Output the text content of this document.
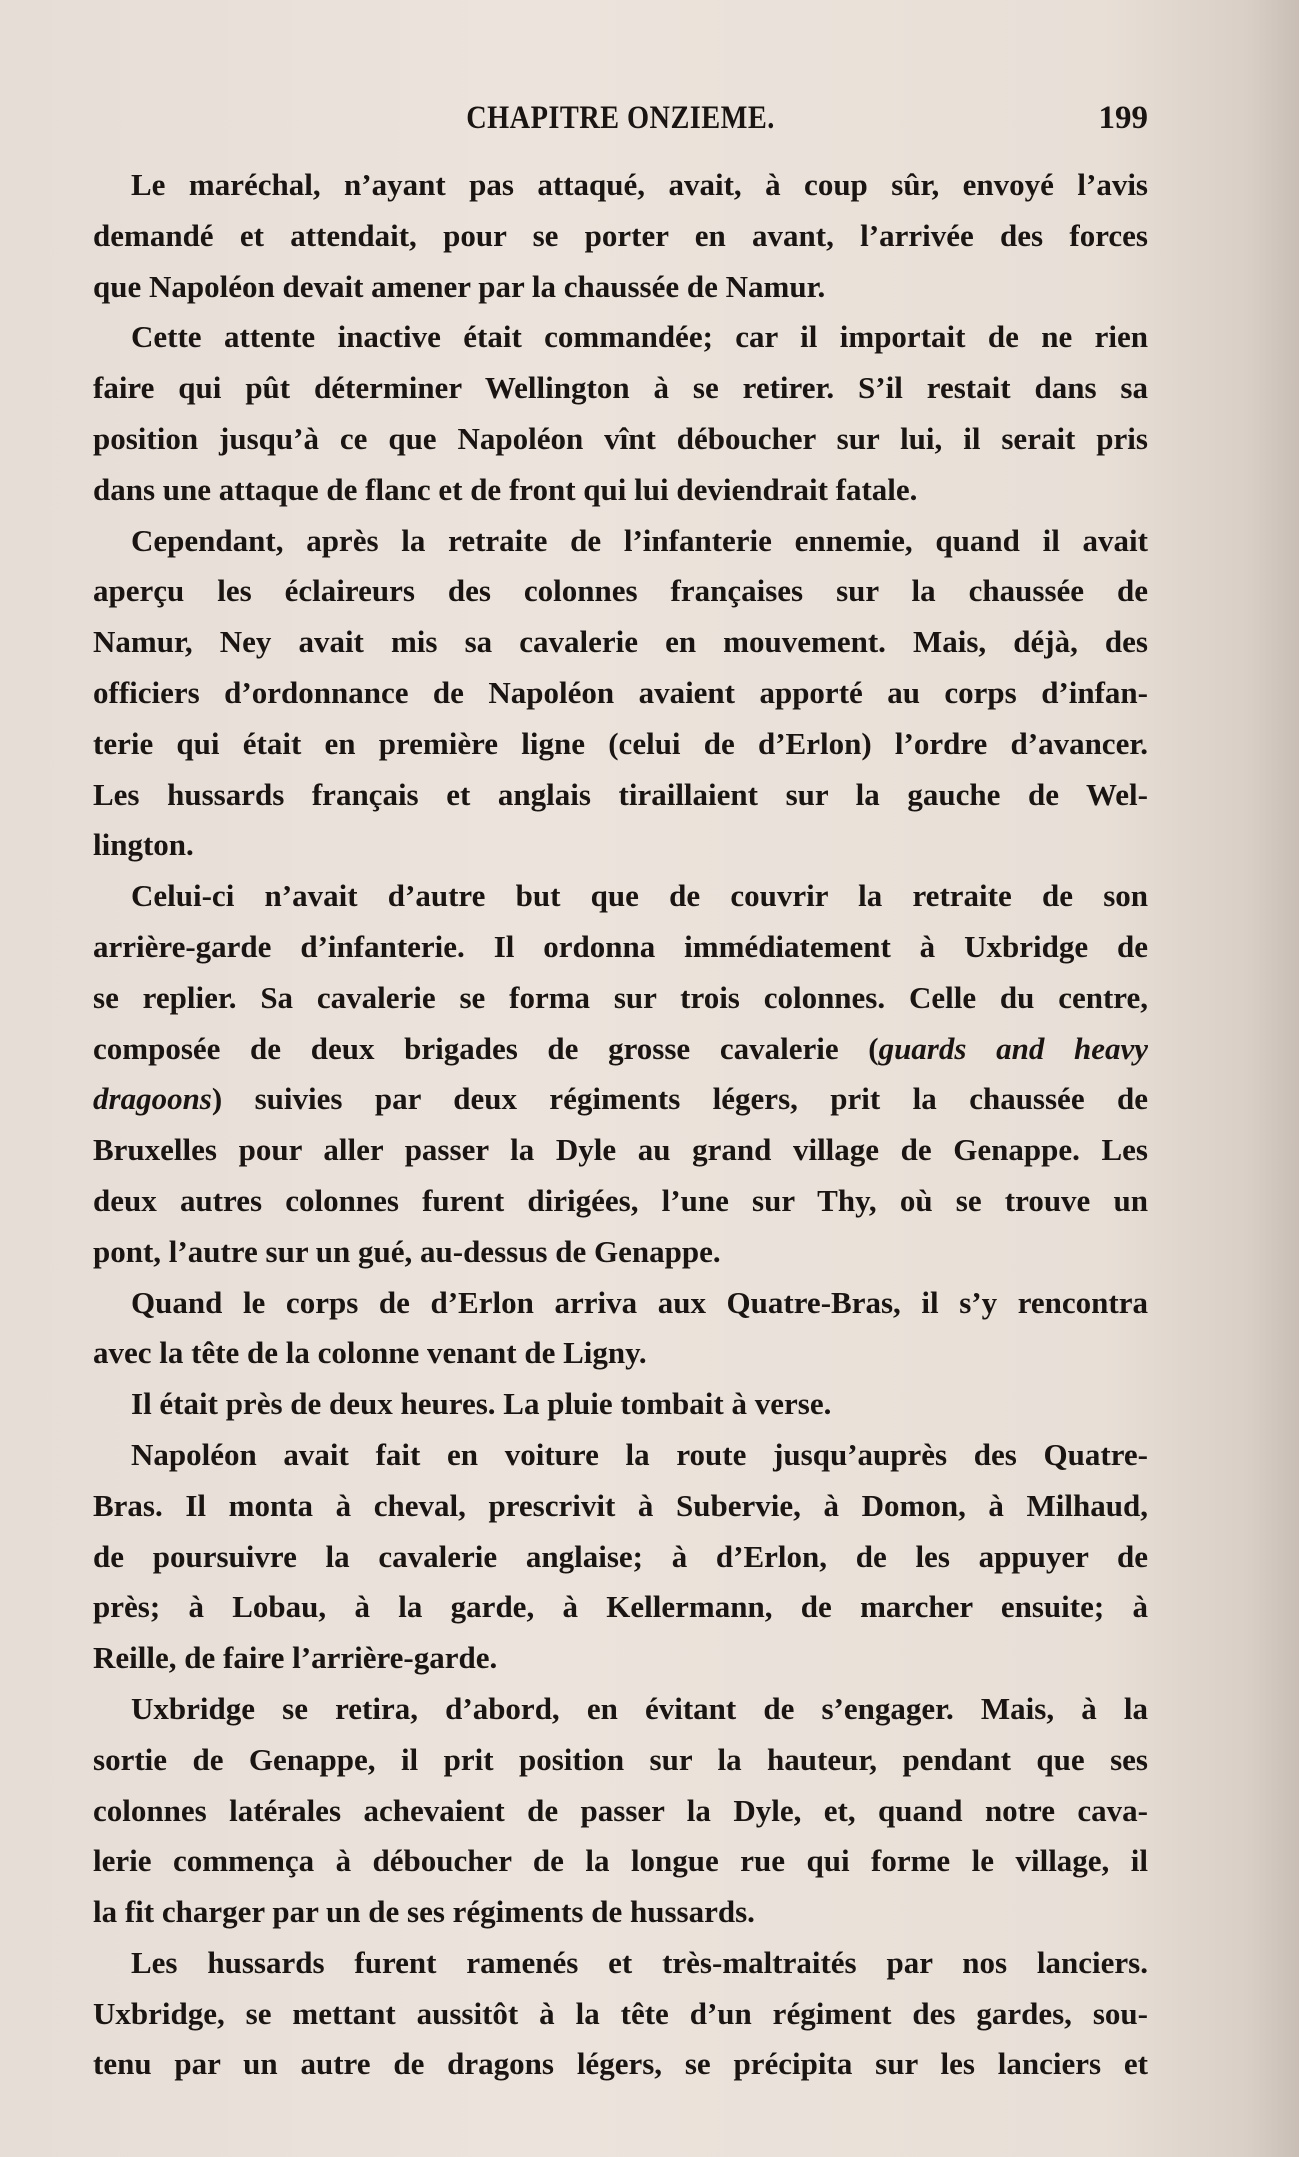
CHAPITRE ONZIEME.	199
Le maréchal, n’ayant pas attaqué, avait, à coup sûr, envoyé l’avis
demandé et attendait, pour se porter en avant, l’arrivée des forces
que Napoléon devait amener par la chaussée de Namur.
Cette attente inactive était commandée; car il importait de ne rien
faire qui pût déterminer Wellington à se retirer. S’il restait dans sa
position jusqu’à ce que Napoléon vînt déboucher sur lui, il serait pris
dans une attaque de flanc et de front qui lui deviendrait fatale.
Cependant, après la retraite de l’infanterie ennemie, quand il avait
aperçu les éclaireurs des colonnes françaises sur la chaussée de
Namur, Ney avait mis sa cavalerie en mouvement. Mais, déjà, des
officiers d’ordonnance de Napoléon avaient apporté au corps d’infan-
terie qui était en première ligne (celui de d’Erlon) l’ordre d’avancer.
Les hussards français et anglais tiraillaient sur la gauche de Wel-
lington.
Celui-ci n’avait d’autre but que de couvrir la retraite de son
arrière-garde d’infanterie. Il ordonna immédiatement à Uxbridge de
se replier. Sa cavalerie se forma sur trois colonnes. Celle du centre,
composée de deux brigades de grosse cavalerie (guards and heavy
dragoons) suivies par deux régiments légers, prit la chaussée de
Bruxelles pour aller passer la Dyle au grand village de Genappe. Les
deux autres colonnes furent dirigées, l’une sur Thy, où se trouve un
pont, l’autre sur un gué, au-dessus de Genappe.
Quand le corps de d’Erlon arriva aux Quatre-Bras, il s’y rencontra
avec la tête de la colonne venant de Ligny.
Il était près de deux heures. La pluie tombait à verse.
Napoléon avait fait en voiture la route jusqu’auprès des Quatre-
Bras. Il monta à cheval, prescrivit à Subervie, à Domon, à Milhaud,
de poursuivre la cavalerie anglaise; à d’Erlon, de les appuyer de
près; à Lobau, à la garde, à Kellermann, de marcher ensuite; à
Reille, de faire l’arrière-garde.
Uxbridge se retira, d’abord, en évitant de s’engager. Mais, à la
sortie de Genappe, il prit position sur la hauteur, pendant que ses
colonnes latérales achevaient de passer la Dyle, et, quand notre cava-
lerie commença à déboucher de la longue rue qui forme le village, il
la fit charger par un de ses régiments de hussards.
Les hussards furent ramenés et très-maltraités par nos lanciers.
Uxbridge, se mettant aussitôt à la tête d’un régiment des gardes, sou-
tenu par un autre de dragons légers, se précipita sur les lanciers et
